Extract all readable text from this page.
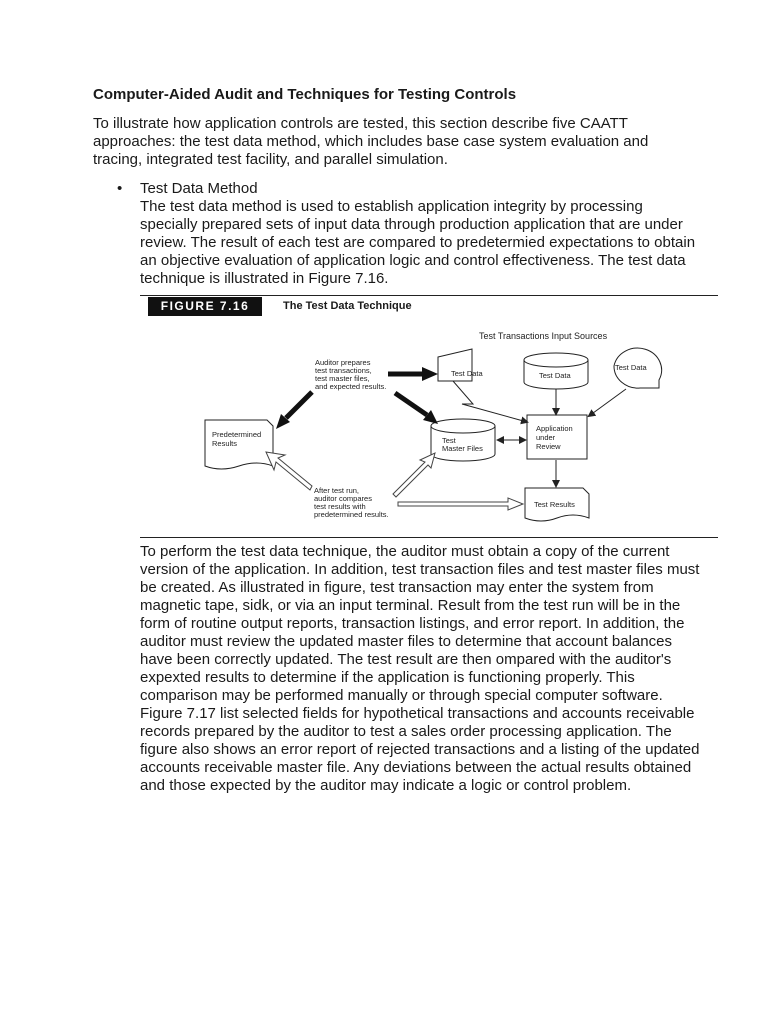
Computer-Aided Audit and Techniques for Testing Controls

To illustrate how application controls are tested, this section describe five CAATT approaches: the test data method, which includes base case system evaluation and tracing, integrated test facility, and parallel simulation.

• Test Data Method

The test data method is used to establish application integrity by processing specially prepared sets of input data through production application that are under review. The result of each test are compared to predetermied expectations to obtain an objective evaluation of application logic and control effectiveness. The test data technique is illustrated in Figure 7.16.

FIGURE 7.16	The Test Data Technique
Test Transactions Input Sources
Test Data	Test Data
Test Data
Auditor prepares
test transactions,
test master files,
and expected results.
Predetermined
Results	Test
Master Files
Application
under
Review
After test run,
auditor compares
test results with
predetermined results.
Test Results

To perform the test data technique, the auditor must obtain a copy of the current version of the application. In addition, test transaction files and test master files must be created. As illustrated in figure, test transaction may enter the system from magnetic tape, sidk, or via an input terminal. Result from the test run will be in the form of routine output reports, transaction listings, and error report. In addition, the auditor must review the updated master files to determine that account balances have been correctly updated. The test result are then ompared with the auditor's expexted results to determine if the application is functioning properly. This comparison may be performed manually or through special computer software.
Figure 7.17 list selected fields for hypothetical transactions and accounts receivable records prepared by the auditor to test a sales order processing application. The figure also shows an error report of rejected transactions and a listing of the updated accounts receivable master file. Any deviations between the actual results obtained and those expected by the auditor may indicate a logic or control problem.
